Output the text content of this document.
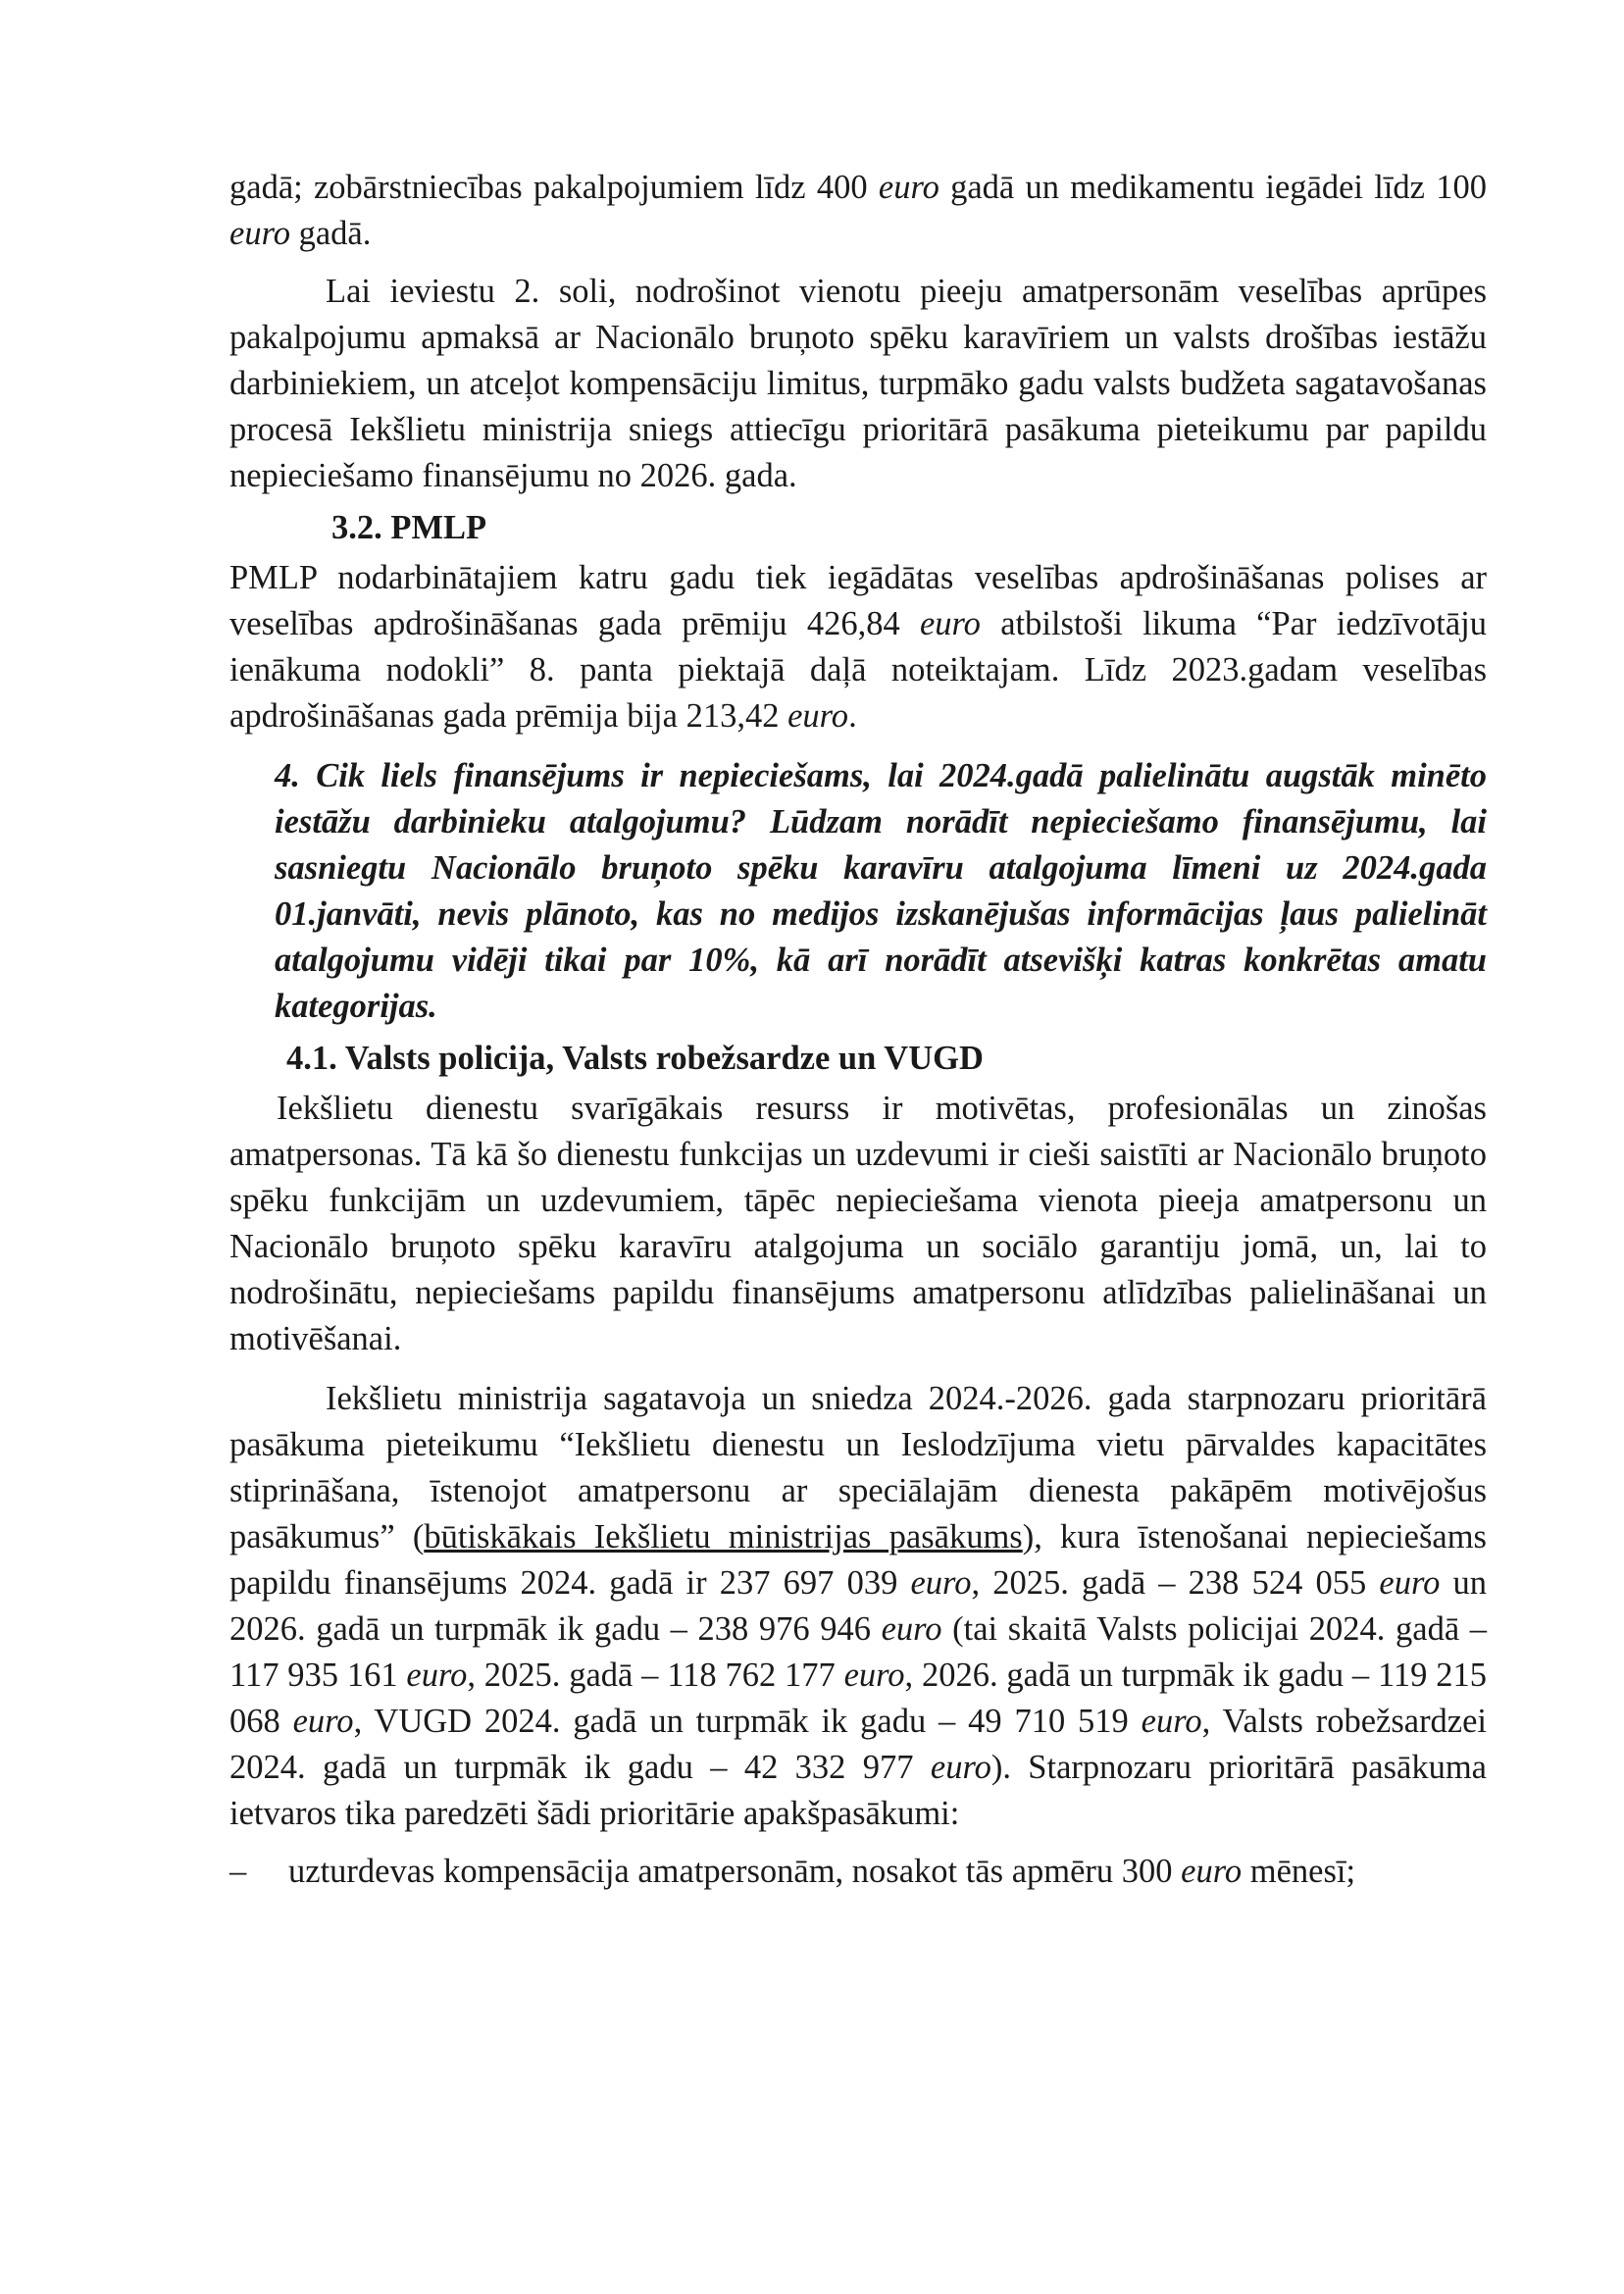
gadā; zobārstniecības pakalpojumiem līdz 400 euro gadā un medikamentu iegādei līdz 100 euro gadā.

Lai ieviestu 2. soli, nodrošinot vienotu pieeju amatpersonām veselības aprūpes pakalpojumu apmaksā ar Nacionālo bruņoto spēku karavīriem un valsts drošības iestāžu darbiniekiem, un atceļot kompensāciju limitus, turpmāko gadu valsts budžeta sagatavošanas procesā Iekšlietu ministrija sniegs attiecīgu prioritārā pasākuma pieteikumu par papildu nepieciešamo finansējumu no 2026. gada.

3.2. PMLP

PMLP nodarbinātajiem katru gadu tiek iegādātas veselības apdrošināšanas polises ar veselības apdrošināšanas gada prēmiju 426,84 euro atbilstoši likuma “Par iedzīvotāju ienākuma nodokli” 8. panta piektajā daļā noteiktajam. Līdz 2023.gadam veselības apdrošināšanas gada prēmija bija 213,42 euro.

4. Cik liels finansējums ir nepieciešams, lai 2024.gadā palielinātu augstāk minēto iestāžu darbinieku atalgojumu? Lūdzam norādīt nepieciešamo finansējumu, lai sasniegtu Nacionālo bruņoto spēku karavīru atalgojuma līmeni uz 2024.gada 01.janvāti, nevis plānoto, kas no medijos izskanējušas informācijas ļaus palielināt atalgojumu vidēji tikai par 10%, kā arī norādīt atsevišķi katras konkrētas amatu kategorijas.

4.1. Valsts policija, Valsts robežsardze un VUGD

Iekšlietu dienestu svarīgākais resurss ir motivētas, profesionālas un zinošas amatpersonas. Tā kā šo dienestu funkcijas un uzdevumi ir cieši saistīti ar Nacionālo bruņoto spēku funkcijām un uzdevumiem, tāpēc nepieciešama vienota pieeja amatpersonu un Nacionālo bruņoto spēku karavīru atalgojuma un sociālo garantiju jomā, un, lai to nodrošinātu, nepieciešams papildu finansējums amatpersonu atlīdzības palielināšanai un motivēšanai.

Iekšlietu ministrija sagatavoja un sniedza 2024.-2026. gada starpnozaru prioritārā pasākuma pieteikumu “Iekšlietu dienestu un Ieslodzījuma vietu pārvaldes kapacitātes stiprināšana, īstenojot amatpersonu ar speciālajām dienesta pakāpēm motivējošus pasākumus” (būtiskākais Iekšlietu ministrijas pasākums), kura īstenošanai nepieciešams papildu finansējums 2024. gadā ir 237 697 039 euro, 2025. gadā – 238 524 055 euro un 2026. gadā un turpmāk ik gadu – 238 976 946 euro (tai skaitā Valsts policijai 2024. gadā – 117 935 161 euro, 2025. gadā – 118 762 177 euro, 2026. gadā un turpmāk ik gadu – 119 215 068 euro, VUGD 2024. gadā un turpmāk ik gadu – 49 710 519 euro, Valsts robežsardzei 2024. gadā un turpmāk ik gadu – 42 332 977 euro). Starpnozaru prioritārā pasākuma ietvaros tika paredzēti šādi prioritārie apakšpasākumi:

–	uzturdevas kompensācija amatpersonām, nosakot tās apmēru 300 euro mēnesī;
